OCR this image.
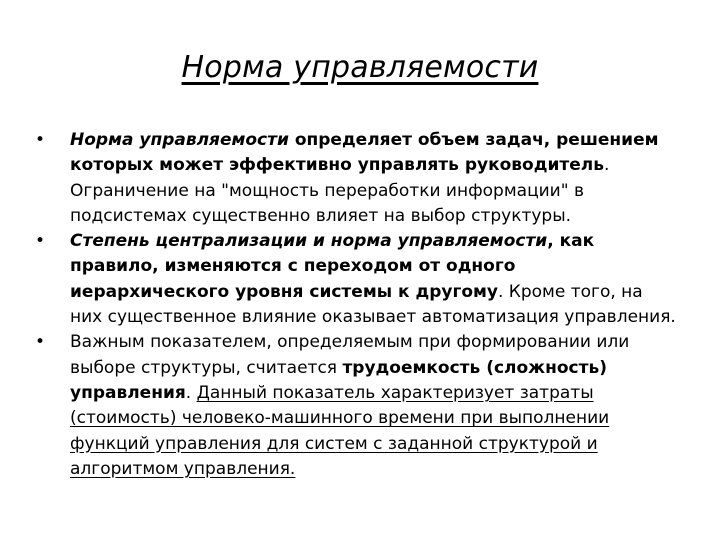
Норма управляемости
•	Норма управляемости определяет объем задач, решением которых может эффективно управлять руководитель. Ограничение на "мощность переработки информации" в подсистемах существенно влияет на выбор структуры.
•	Степень централизации и норма управляемости, как правило, изменяются с переходом от одного иерархического уровня системы к другому. Кроме того, на них существенное влияние оказывает автоматизация управления.
•	Важным показателем, определяемым при формировании или выборе структуры, считается трудоемкость (сложность) управления. Данный показатель характеризует затраты (стоимость) человеко-машинного времени при выполнении функций управления для систем с заданной структурой и алгоритмом управления.
